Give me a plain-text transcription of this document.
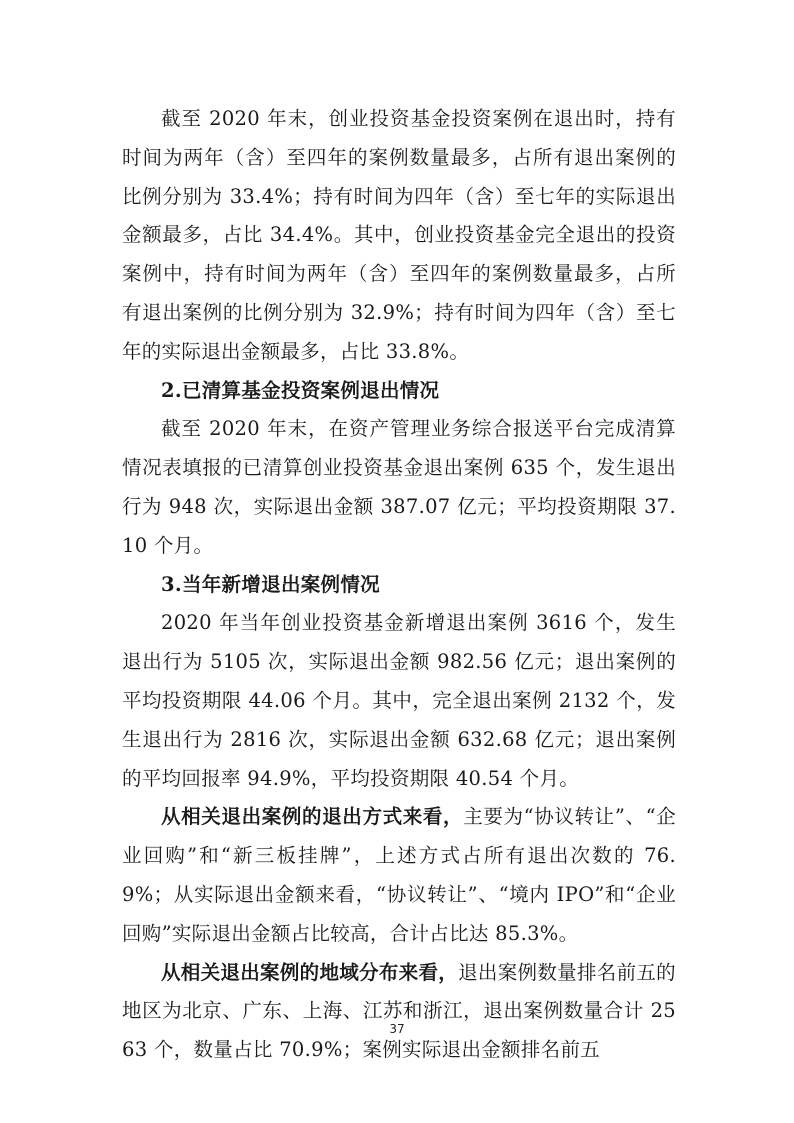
截至 2020 年末，创业投资基金投资案例在退出时，持有时间为两年（含）至四年的案例数量最多，占所有退出案例的比例分别为 33.4%；持有时间为四年（含）至七年的实际退出金额最多，占比 34.4%。其中，创业投资基金完全退出的投资案例中，持有时间为两年（含）至四年的案例数量最多，占所有退出案例的比例分别为 32.9%；持有时间为四年（含）至七年的实际退出金额最多，占比 33.8%。

2.已清算基金投资案例退出情况

截至 2020 年末，在资产管理业务综合报送平台完成清算情况表填报的已清算创业投资基金退出案例 635 个，发生退出行为 948 次，实际退出金额 387.07 亿元；平均投资期限 37.10 个月。

3.当年新增退出案例情况

2020 年当年创业投资基金新增退出案例 3616 个，发生退出行为 5105 次，实际退出金额 982.56 亿元；退出案例的平均投资期限 44.06 个月。其中，完全退出案例 2132 个，发生退出行为 2816 次，实际退出金额 632.68 亿元；退出案例的平均回报率 94.9%，平均投资期限 40.54 个月。

从相关退出案例的退出方式来看，主要为“协议转让”、“企业回购”和“新三板挂牌”，上述方式占所有退出次数的 76.9%；从实际退出金额来看，“协议转让”、“境内 IPO”和“企业回购”实际退出金额占比较高，合计占比达 85.3%。

从相关退出案例的地域分布来看，退出案例数量排名前五的地区为北京、广东、上海、江苏和浙江，退出案例数量合计 2563 个，数量占比 70.9%；案例实际退出金额排名前五

37
